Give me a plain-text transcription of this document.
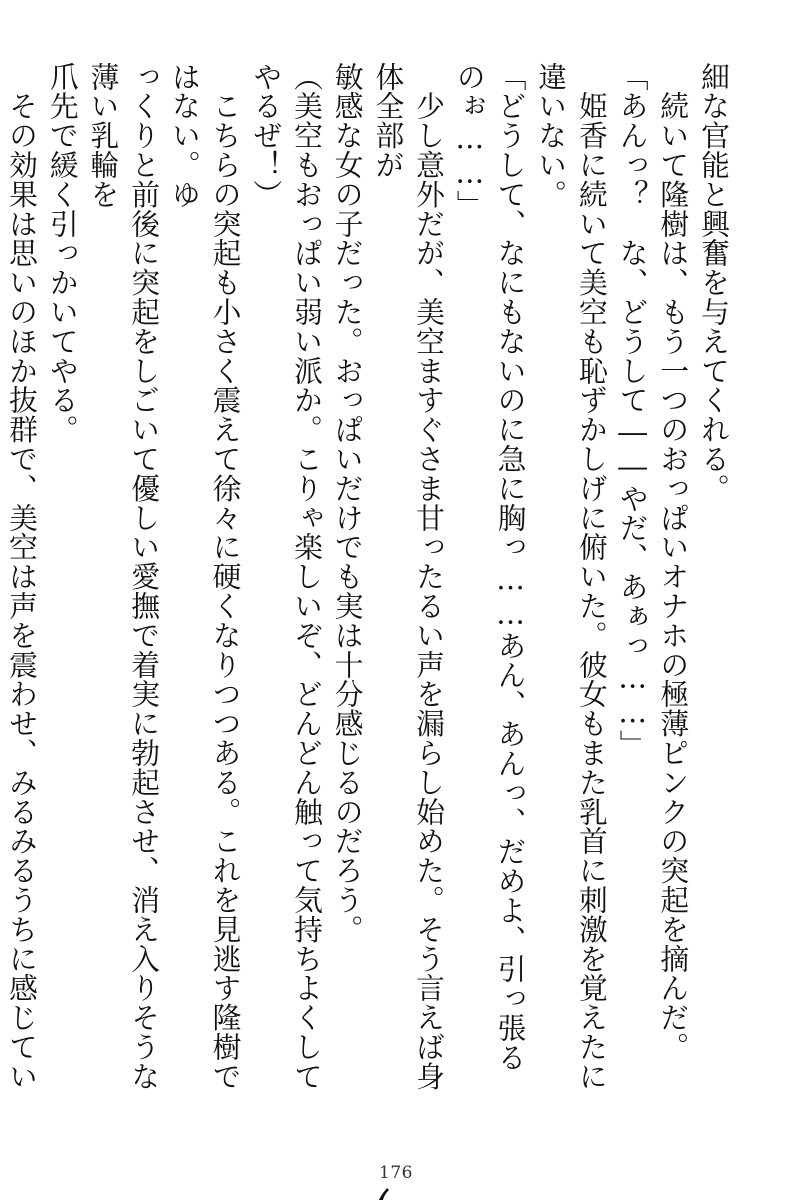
細な官能と興奮を与えてくれる。

　続いて隆樹は、もう一つのおっぱいオナホの極薄ピンクの突起を摘んだ。

「あんっ？　な、どうして――やだ、あぁっ……」

　姫香に続いて美空も恥ずかしげに俯いた。彼女もまた乳首に刺激を覚えたに違いない。

「どうして、なにもないのに急に胸っ……あん、あんっ、だめよ、引っ張るのぉ……」

　少し意外だが、美空ますぐさま甘ったるい声を漏らし始めた。そう言えば身体全部が

敏感な女の子だった。おっぱいだけでも実は十分感じるのだろう。

（美空もおっぱい弱い派か。こりゃ楽しいぞ、どんどん触って気持ちよくしてやるぜ！）

　こちらの突起も小さく震えて徐々に硬くなりつつある。これを見逃す隆樹ではない。ゆ

っくりと前後に突起をしごいて優しい愛撫で着実に勃起させ、消え入りそうな薄い乳輪を

爪先で緩く引っかいてやる。

　その効果は思いのほか抜群で、美空は声を震わせ、みるみるうちに感じてい

176
